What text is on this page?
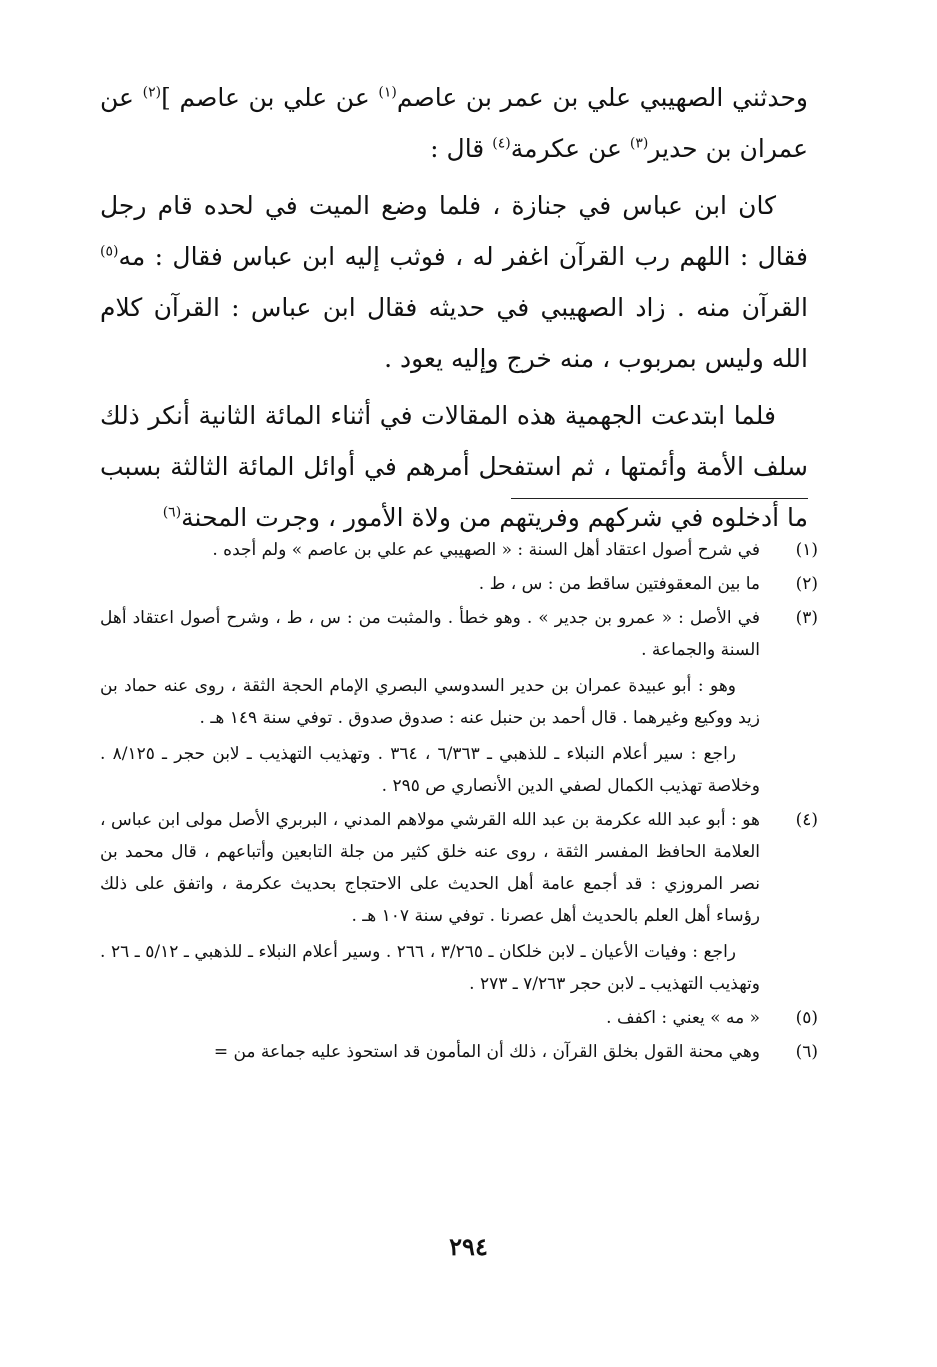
وحدثني الصهيبي علي بن عمر بن عاصم$^{(١)}$ عن علي بن عاصم ]$^{(٢)}$ عن عمران بن حدير$^{(٣)}$ عن عكرمة$^{(٤)}$ قال :

كان ابن عباس في جنازة ، فلما وضع الميت في لحده قام رجل فقال : اللهم رب القرآن اغفر له ، فوثب إليه ابن عباس فقال : مه$^{(٥)}$ القرآن منه . زاد الصهيبي في حديثه فقال ابن عباس : القرآن كلام الله وليس بمربوب ، منه خرج وإليه يعود .

فلما ابتدعت الجهمية هذه المقالات في أثناء المائة الثانية أنكر ذلك سلف الأمة وأئمتها ، ثم استفحل أمرهم في أوائل المائة الثالثة بسبب ما أدخلوه في شركهم وفريتهم من ولاة الأمور ، وجرت المحنة$^{(٦)}$

(١)

في شرح أصول اعتقاد أهل السنة : « الصهيبي عم علي بن عاصم » ولم أجده .

(٢)

ما بين المعقوفتين ساقط من : س ، ط .

(٣)

في الأصل : « عمرو بن جدير » . وهو خطأ . والمثبت من : س ، ط ، وشرح أصول اعتقاد أهل السنة والجماعة .

وهو : أبو عبيدة عمران بن حدير السدوسي البصري الإمام الحجة الثقة ، روى عنه حماد بن زيد ووكيع وغيرهما . قال أحمد بن حنبل عنه : صدوق صدوق . توفي سنة ١٤٩ هـ .

راجع : سير أعلام النبلاء ـ للذهبي ـ ٦/٣٦٣ ، ٣٦٤ . وتهذيب التهذيب ـ لابن حجر ـ ٨/١٢٥ . وخلاصة تهذيب الكمال لصفي الدين الأنصاري ص ٢٩٥ .

(٤)

هو : أبو عبد الله عكرمة بن عبد الله القرشي مولاهم المدني ، البربري الأصل مولى ابن عباس ، العلامة الحافظ المفسر الثقة ، روى عنه خلق كثير من جلة التابعين وأتباعهم ، قال محمد بن نصر المروزي : قد أجمع عامة أهل الحديث على الاحتجاج بحديث عكرمة ، واتفق على ذلك رؤساء أهل العلم بالحديث أهل عصرنا . توفي سنة ١٠٧ هـ .

راجع : وفيات الأعيان ـ لابن خلكان ـ ٣/٢٦٥ ، ٢٦٦ . وسير أعلام النبلاء ـ للذهبي ـ ٥/١٢ ـ ٢٦ . وتهذيب التهذيب ـ لابن حجر ٧/٢٦٣ ـ ٢٧٣ .

(٥)

« مه » يعني : اكفف .

(٦)

وهي محنة القول بخلق القرآن ، ذلك أن المأمون قد استحوذ عليه جماعة من =

٢٩٤
